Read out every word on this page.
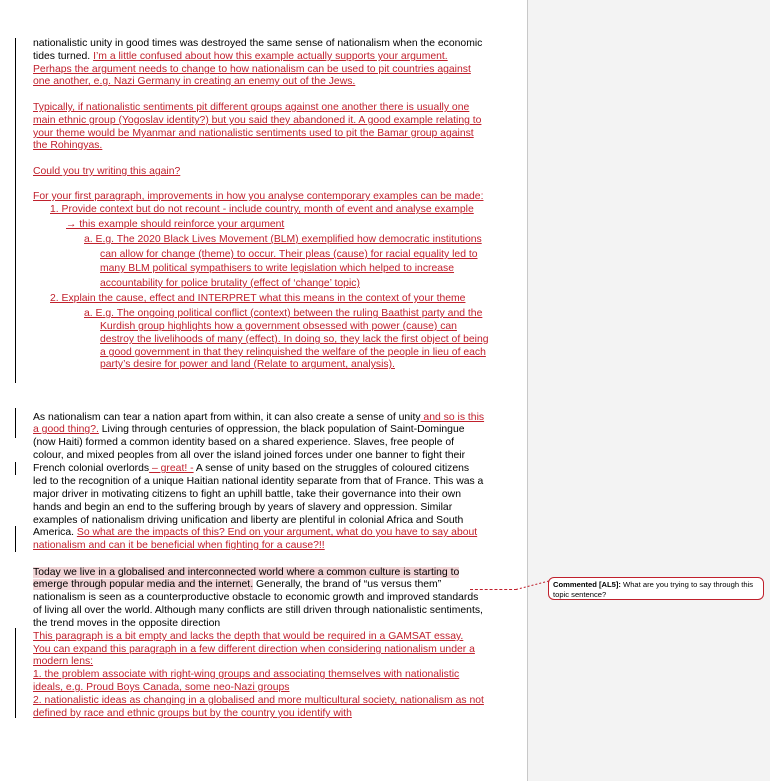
nationalistic unity in good times was destroyed the same sense of nationalism when the economic
tides turned. I’m a little confused about how this example actually supports your argument.
Perhaps the argument needs to change to how nationalism can be used to pit countries against
one another, e.g. Nazi Germany in creating an enemy out of the Jews.
Typically, if nationalistic sentiments pit different groups against one another there is usually one
main ethnic group (Yogoslav identity?) but you said they abandoned it. A good example relating to
your theme would be Myanmar and nationalistic sentiments used to pit the Bamar group against
the Rohingyas.
Could you try writing this again?
For your first paragraph, improvements in how you analyse contemporary examples can be made:
1. Provide context but do not recount - include country, month of event and analyse example
→ this example should reinforce your argument
a. E.g. The 2020 Black Lives Movement (BLM) exemplified how democratic institutions
can allow for change (theme) to occur. Their pleas (cause) for racial equality led to
many BLM political sympathisers to write legislation which helped to increase
accountability for police brutality (effect of ‘change’ topic)
2. Explain the cause, effect and INTERPRET what this means in the context of your theme
a. E.g. The ongoing political conflict (context) between the ruling Baathist party and the
Kurdish group highlights how a government obsessed with power (cause) can
destroy the livelihoods of many (effect). In doing so, they lack the first object of being
a good government in that they relinquished the welfare of the people in lieu of each
party’s desire for power and land (Relate to argument, analysis).
As nationalism can tear a nation apart from within, it can also create a sense of unity and so is this
a good thing?. Living through centuries of oppression, the black population of Saint-Domingue
(now Haiti) formed a common identity based on a shared experience. Slaves, free people of
colour, and mixed peoples from all over the island joined forces under one banner to fight their
French colonial overlords – great! - A sense of unity based on the struggles of coloured citizens
led to the recognition of a unique Haitian national identity separate from that of France. This was a
major driver in motivating citizens to fight an uphill battle, take their governance into their own
hands and begin an end to the suffering brough by years of slavery and oppression. Similar
examples of nationalism driving unification and liberty are plentiful in colonial Africa and South
America. So what are the impacts of this? End on your argument, what do you have to say about
nationalism and can it be beneficial when fighting for a cause?!!
Today we live in a globalised and interconnected world where a common culture is starting to
emerge through popular media and the internet. Generally, the brand of “us versus them”
nationalism is seen as a counterproductive obstacle to economic growth and improved standards
of living all over the world. Although many conflicts are still driven through nationalistic sentiments,
the trend moves in the opposite direction
This paragraph is a bit empty and lacks the depth that would be required in a GAMSAT essay.
You can expand this paragraph in a few different direction when considering nationalism under a
modern lens:
1. the problem associate with right-wing groups and associating themselves with nationalistic
ideals, e.g. Proud Boys Canada, some neo-Nazi groups
2. nationalistic ideas as changing in a globalised and more multicultural society, nationalism as not
defined by race and ethnic groups but by the country you identify with
Commented [AL5]: What are you trying to say through this topic sentence?
